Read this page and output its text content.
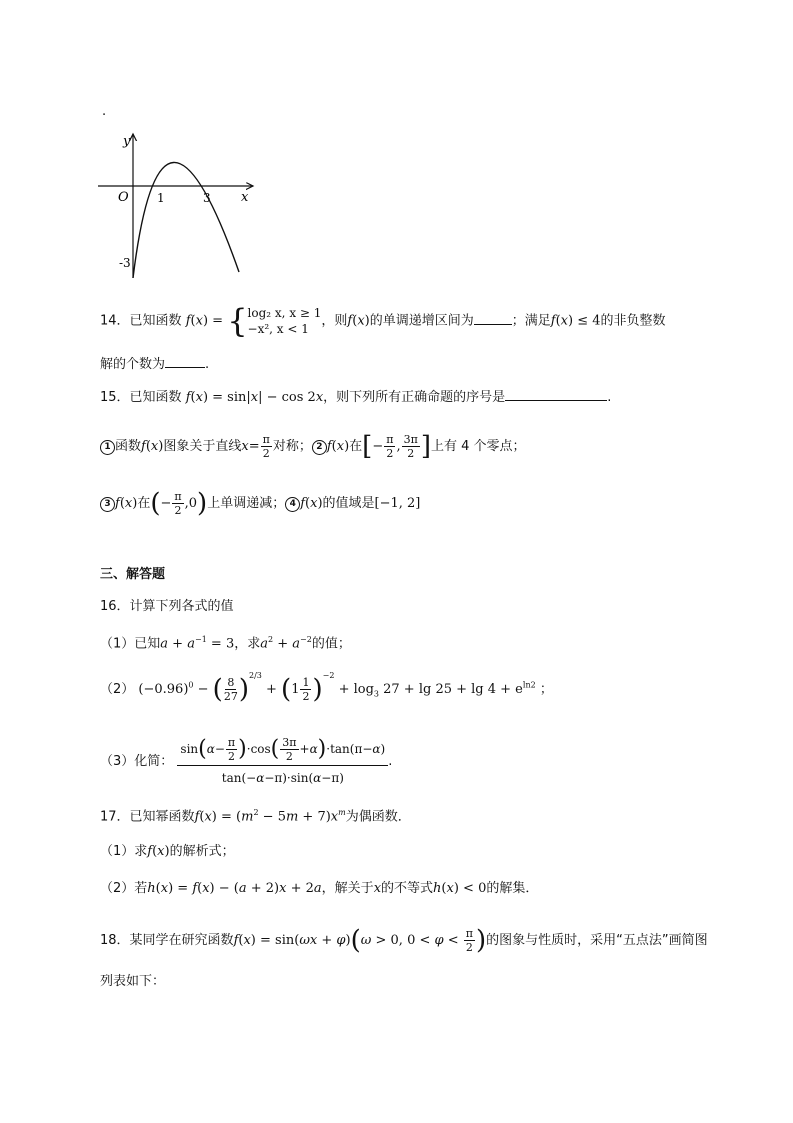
.
y
x
O 1	3
-3
14．已知函数 f(x) = { log₂ x, x ≥ 1
−x², x < 1
，则f(x)的单调递增区间为	；满足f(x) ≤ 4的非负整数
解的个数为	.
15．已知函数 f(x) = sin|x| − cos 2x，则下列所有正确命题的序号是	.
1 函数f(x)图象关于直线$x= \frac{\pi}{2}$ 对称； 2 f(x)在[− $\frac{\pi}{2}$ , $\frac{3\pi}{2}$ ]上有 4 个零点；
3 f(x)在(− $\frac{\pi}{2} ,0$)上单调递减； 4 f(x)的值域是[−1, 2]
三、解答题
16．计算下列各式的值
（1）已知$a + a^{-1} = 3$，求$a^2 + a^{-2}$的值；
（2） $(-0.96)^0$ − ( $\frac{8}{27} )^{2/3} + (1 \frac{1}{2} )^{-2} + \log_3 27 + \lg 25 + \lg 4 + e^{ln2}$ ；
（3）化简： $\frac{\sin(\alpha- \frac{\pi}{2} )\cdot\cos( \frac{3\pi}{2} +\alpha)\cdot\tan(\pi-\alpha)}{\tan(-\alpha-\pi)\cdot\sin(\alpha-\pi)}$ .
17．已知幂函数$f(x) = (m^2 - 5m + 7)x^m$为偶函数．
（1）求f(x)的解析式；
（2）若h(x) = f(x) − (a + 2)x + 2a，解关于x的不等式h(x) < 0的解集．
18．某同学在研究函数f(x) = sin(ωx + φ)(ω > 0, $0 < \varphi < \frac{\pi}{2}$ )的图象与性质时，采用“五点法”画简图
列表如下：
